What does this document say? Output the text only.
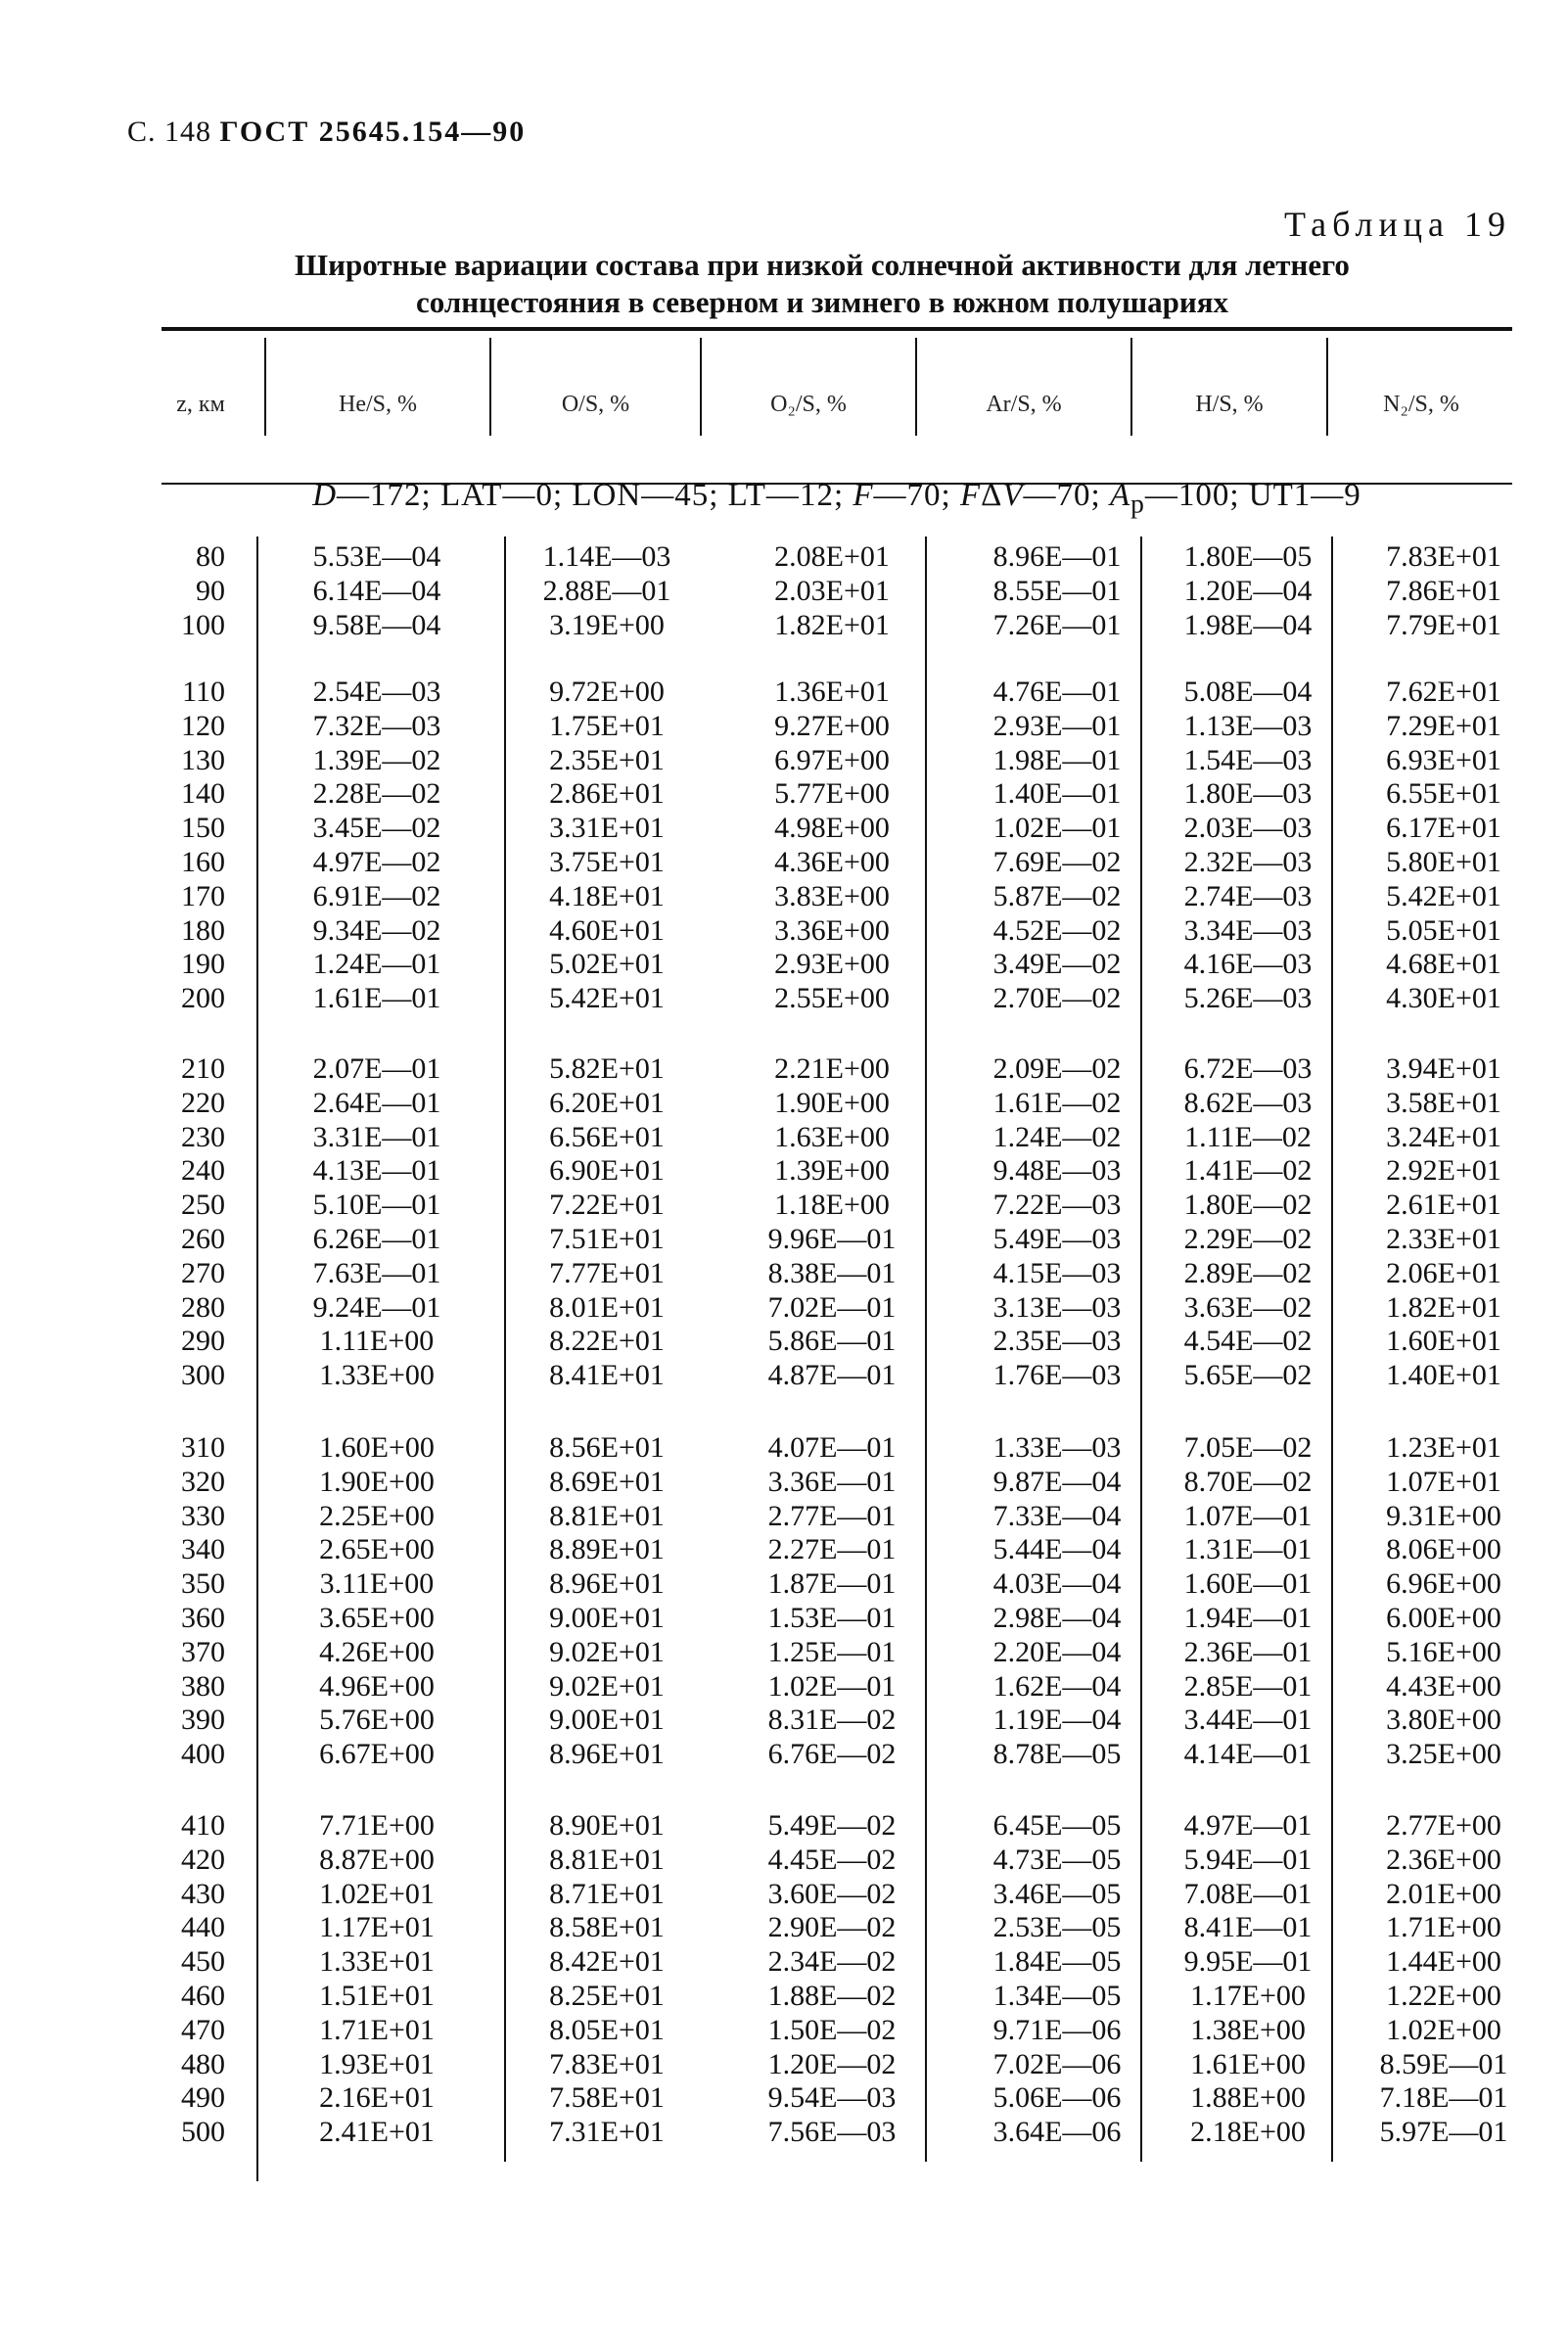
С. 148 ГОСТ 25645.154—90
Таблица 19
Широтные вариации состава при низкой солнечной активности для летнего
солнцестояния в северном и зимнего в южном полушариях
z, км	He/S, %	O/S, %	O₂/S, %	Ar/S, %	H/S, %	N₂/S, %
D—172; LAT—0; LON—45; LT—12; F—70; FΔV—70; $A_p—100$; UT1—9
80	5.53E—04	1.14E—03	2.08E+01	8.96E—01	1.80E—05	7.83E+01
90	6.14E—04	2.88E—01	2.03E+01	8.55E—01	1.20E—04	7.86E+01
100	9.58E—04	3.19E+00	1.82E+01	7.26E—01	1.98E—04	7.79E+01
110	2.54E—03	9.72E+00	1.36E+01	4.76E—01	5.08E—04	7.62E+01
120	7.32E—03	1.75E+01	9.27E+00	2.93E—01	1.13E—03	7.29E+01
130	1.39E—02	2.35E+01	6.97E+00	1.98E—01	1.54E—03	6.93E+01
140	2.28E—02	2.86E+01	5.77E+00	1.40E—01	1.80E—03	6.55E+01
150	3.45E—02	3.31E+01	4.98E+00	1.02E—01	2.03E—03	6.17E+01
160	4.97E—02	3.75E+01	4.36E+00	7.69E—02	2.32E—03	5.80E+01
170	6.91E—02	4.18E+01	3.83E+00	5.87E—02	2.74E—03	5.42E+01
180	9.34E—02	4.60E+01	3.36E+00	4.52E—02	3.34E—03	5.05E+01
190	1.24E—01	5.02E+01	2.93E+00	3.49E—02	4.16E—03	4.68E+01
200	1.61E—01	5.42E+01	2.55E+00	2.70E—02	5.26E—03	4.30E+01
210	2.07E—01	5.82E+01	2.21E+00	2.09E—02	6.72E—03	3.94E+01
220	2.64E—01	6.20E+01	1.90E+00	1.61E—02	8.62E—03	3.58E+01
230	3.31E—01	6.56E+01	1.63E+00	1.24E—02	1.11E—02	3.24E+01
240	4.13E—01	6.90E+01	1.39E+00	9.48E—03	1.41E—02	2.92E+01
250	5.10E—01	7.22E+01	1.18E+00	7.22E—03	1.80E—02	2.61E+01
260	6.26E—01	7.51E+01	9.96E—01	5.49E—03	2.29E—02	2.33E+01
270	7.63E—01	7.77E+01	8.38E—01	4.15E—03	2.89E—02	2.06E+01
280	9.24E—01	8.01E+01	7.02E—01	3.13E—03	3.63E—02	1.82E+01
290	1.11E+00	8.22E+01	5.86E—01	2.35E—03	4.54E—02	1.60E+01
300	1.33E+00	8.41E+01	4.87E—01	1.76E—03	5.65E—02	1.40E+01
310	1.60E+00	8.56E+01	4.07E—01	1.33E—03	7.05E—02	1.23E+01
320	1.90E+00	8.69E+01	3.36E—01	9.87E—04	8.70E—02	1.07E+01
330	2.25E+00	8.81E+01	2.77E—01	7.33E—04	1.07E—01	9.31E+00
340	2.65E+00	8.89E+01	2.27E—01	5.44E—04	1.31E—01	8.06E+00
350	3.11E+00	8.96E+01	1.87E—01	4.03E—04	1.60E—01	6.96E+00
360	3.65E+00	9.00E+01	1.53E—01	2.98E—04	1.94E—01	6.00E+00
370	4.26E+00	9.02E+01	1.25E—01	2.20E—04	2.36E—01	5.16E+00
380	4.96E+00	9.02E+01	1.02E—01	1.62E—04	2.85E—01	4.43E+00
390	5.76E+00	9.00E+01	8.31E—02	1.19E—04	3.44E—01	3.80E+00
400	6.67E+00	8.96E+01	6.76E—02	8.78E—05	4.14E—01	3.25E+00
410	7.71E+00	8.90E+01	5.49E—02	6.45E—05	4.97E—01	2.77E+00
420	8.87E+00	8.81E+01	4.45E—02	4.73E—05	5.94E—01	2.36E+00
430	1.02E+01	8.71E+01	3.60E—02	3.46E—05	7.08E—01	2.01E+00
440	1.17E+01	8.58E+01	2.90E—02	2.53E—05	8.41E—01	1.71E+00
450	1.33E+01	8.42E+01	2.34E—02	1.84E—05	9.95E—01	1.44E+00
460	1.51E+01	8.25E+01	1.88E—02	1.34E—05	1.17E+00	1.22E+00
470	1.71E+01	8.05E+01	1.50E—02	9.71E—06	1.38E+00	1.02E+00
480	1.93E+01	7.83E+01	1.20E—02	7.02E—06	1.61E+00	8.59E—01
490	2.16E+01	7.58E+01	9.54E—03	5.06E—06	1.88E+00	7.18E—01
500	2.41E+01	7.31E+01	7.56E—03	3.64E—06	2.18E+00	5.97E—01
